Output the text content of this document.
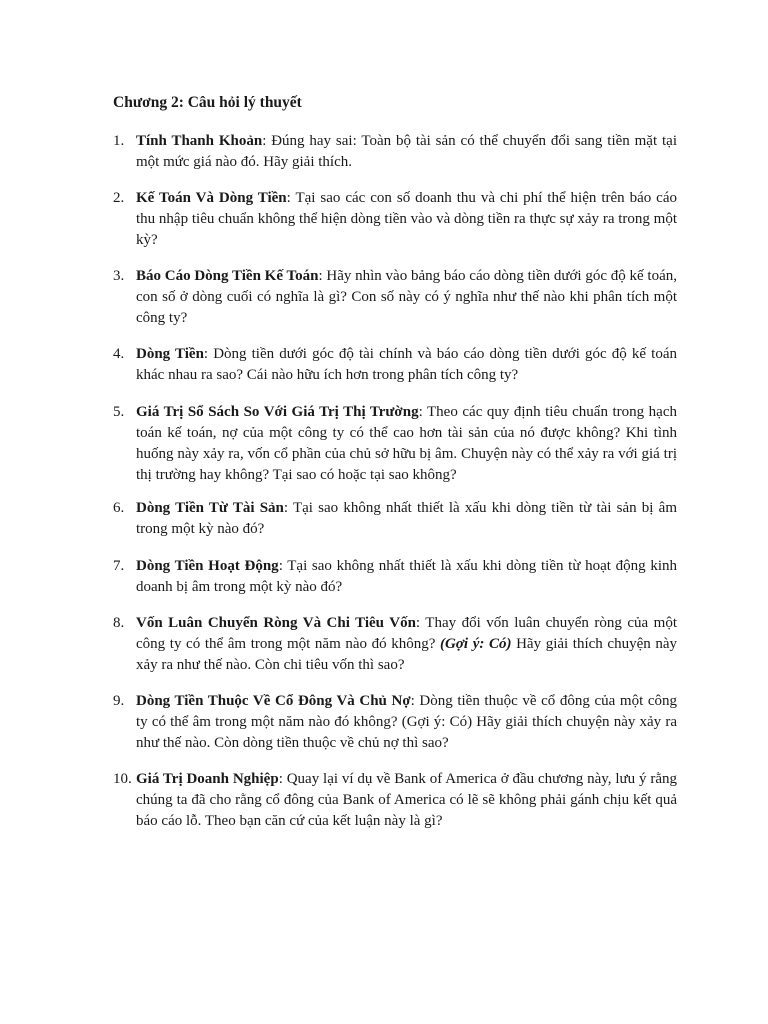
Chương 2: Câu hỏi lý thuyết
1. Tính Thanh Khoản: Đúng hay sai: Toàn bộ tài sản có thể chuyển đổi sang tiền mặt tại một mức giá nào đó. Hãy giải thích.
2. Kế Toán Và Dòng Tiền: Tại sao các con số doanh thu và chi phí thể hiện trên báo cáo thu nhập tiêu chuẩn không thể hiện dòng tiền vào và dòng tiền ra thực sự xảy ra trong một kỳ?
3. Báo Cáo Dòng Tiền Kế Toán: Hãy nhìn vào bảng báo cáo dòng tiền dưới góc độ kế toán, con số ở dòng cuối có nghĩa là gì? Con số này có ý nghĩa như thế nào khi phân tích một công ty?
4. Dòng Tiền: Dòng tiền dưới góc độ tài chính và báo cáo dòng tiền dưới góc độ kế toán khác nhau ra sao? Cái nào hữu ích hơn trong phân tích công ty?
5. Giá Trị Sổ Sách So Với Giá Trị Thị Trường: Theo các quy định tiêu chuẩn trong hạch toán kế toán, nợ của một công ty có thể cao hơn tài sản của nó được không? Khi tình huống này xảy ra, vốn cổ phần của chủ sở hữu bị âm. Chuyện này có thể xảy ra với giá trị thị trường hay không? Tại sao có hoặc tại sao không?
6. Dòng Tiền Từ Tài Sản: Tại sao không nhất thiết là xấu khi dòng tiền từ tài sản bị âm trong một kỳ nào đó?
7. Dòng Tiền Hoạt Động: Tại sao không nhất thiết là xấu khi dòng tiền từ hoạt động kinh doanh bị âm trong một kỳ nào đó?
8. Vốn Luân Chuyển Ròng Và Chi Tiêu Vốn: Thay đổi vốn luân chuyển ròng của một công ty có thể âm trong một năm nào đó không? (Gợi ý: Có) Hãy giải thích chuyện này xảy ra như thế nào. Còn chi tiêu vốn thì sao?
9. Dòng Tiền Thuộc Về Cổ Đông Và Chủ Nợ: Dòng tiền thuộc về cổ đông của một công ty có thể âm trong một năm nào đó không? (Gợi ý: Có) Hãy giải thích chuyện này xảy ra như thế nào. Còn dòng tiền thuộc về chủ nợ thì sao?
10. Giá Trị Doanh Nghiệp: Quay lại ví dụ về Bank of America ở đầu chương này, lưu ý rằng chúng ta đã cho rằng cổ đông của Bank of America có lẽ sẽ không phải gánh chịu kết quả báo cáo lỗ. Theo bạn căn cứ của kết luận này là gì?
